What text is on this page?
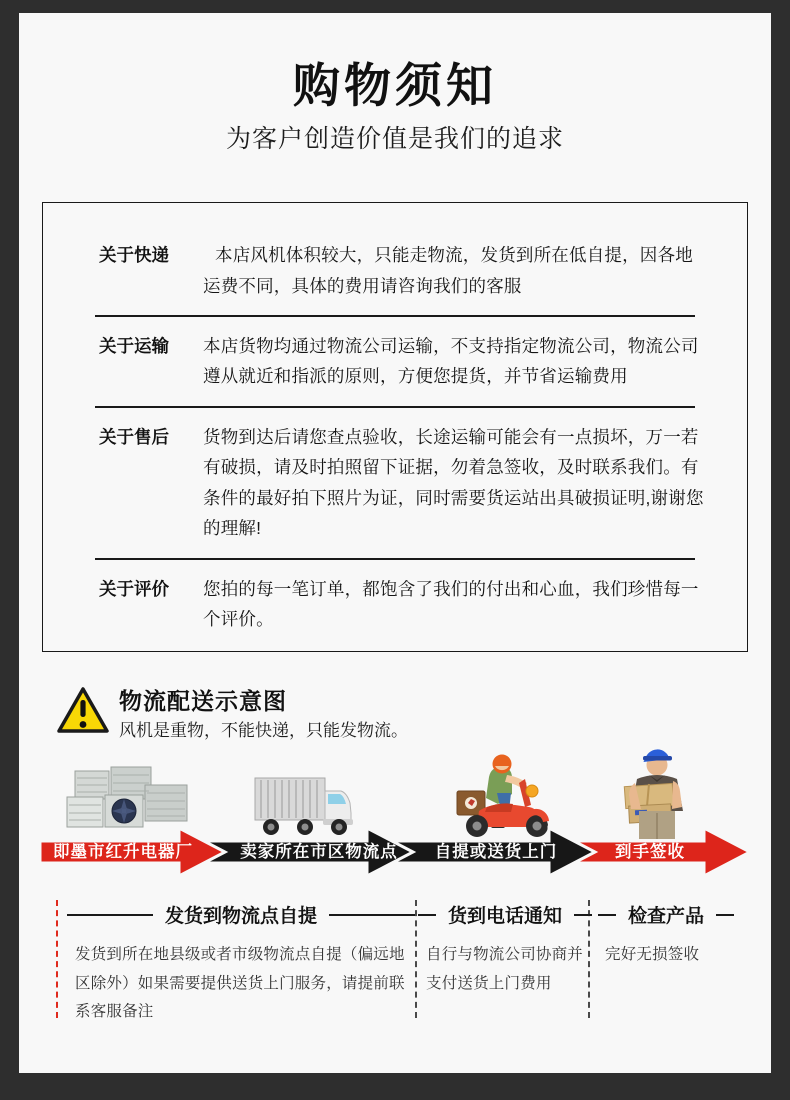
购物须知
为客户创造价值是我们的追求
关于快递	本店风机体积较大，只能走物流，发货到所在低自提，因各地运费不同，具体的费用请咨询我们的客服
关于运输	本店货物均通过物流公司运输，不支持指定物流公司，物流公司遵从就近和指派的原则，方便您提货，并节省运输费用
关于售后	货物到达后请您查点验收，长途运输可能会有一点损坏，万一若有破损，请及时拍照留下证据，勿着急签收，及时联系我们。有条件的最好拍下照片为证，同时需要货运站出具破损证明,谢谢您的理解!
关于评价	您拍的每一笔订单，都饱含了我们的付出和心血，我们珍惜每一个评价。
物流配送示意图
风机是重物，不能快递，只能发物流。
即墨市红升电器厂	卖家所在市区物流点	自提或送货上门	到手签收
发货到物流点自提
发货到所在地县级或者市级物流点自提（偏远地区除外）如果需要提供送货上门服务，请提前联系客服备注
货到电话通知
自行与物流公司协商并支付送货上门费用
检查产品
完好无损签收
